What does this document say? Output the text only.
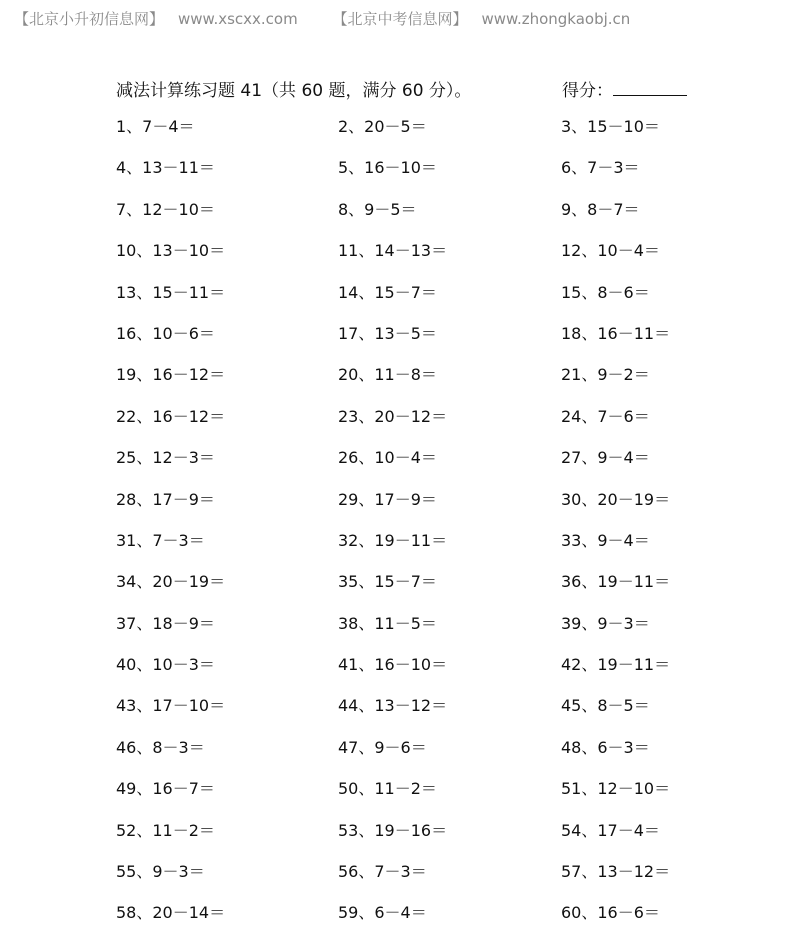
【北京小升初信息网】 www.xscxx.com 【北京中考信息网】 www.zhongkaobj.cn
减法计算练习题 41（共 60 题，满分 60 分）。	得分：
1、7－4＝	2、20－5＝	3、15－10＝
4、13－11＝	5、16－10＝	6、7－3＝
7、12－10＝	8、9－5＝	9、8－7＝
10、13－10＝	11、14－13＝	12、10－4＝
13、15－11＝	14、15－7＝	15、8－6＝
16、10－6＝	17、13－5＝	18、16－11＝
19、16－12＝	20、11－8＝	21、9－2＝
22、16－12＝	23、20－12＝	24、7－6＝
25、12－3＝	26、10－4＝	27、9－4＝
28、17－9＝	29、17－9＝	30、20－19＝
31、7－3＝	32、19－11＝	33、9－4＝
34、20－19＝	35、15－7＝	36、19－11＝
37、18－9＝	38、11－5＝	39、9－3＝
40、10－3＝	41、16－10＝	42、19－11＝
43、17－10＝	44、13－12＝	45、8－5＝
46、8－3＝	47、9－6＝	48、6－3＝
49、16－7＝	50、11－2＝	51、12－10＝
52、11－2＝	53、19－16＝	54、17－4＝
55、9－3＝	56、7－3＝	57、13－12＝
58、20－14＝	59、6－4＝	60、16－6＝
